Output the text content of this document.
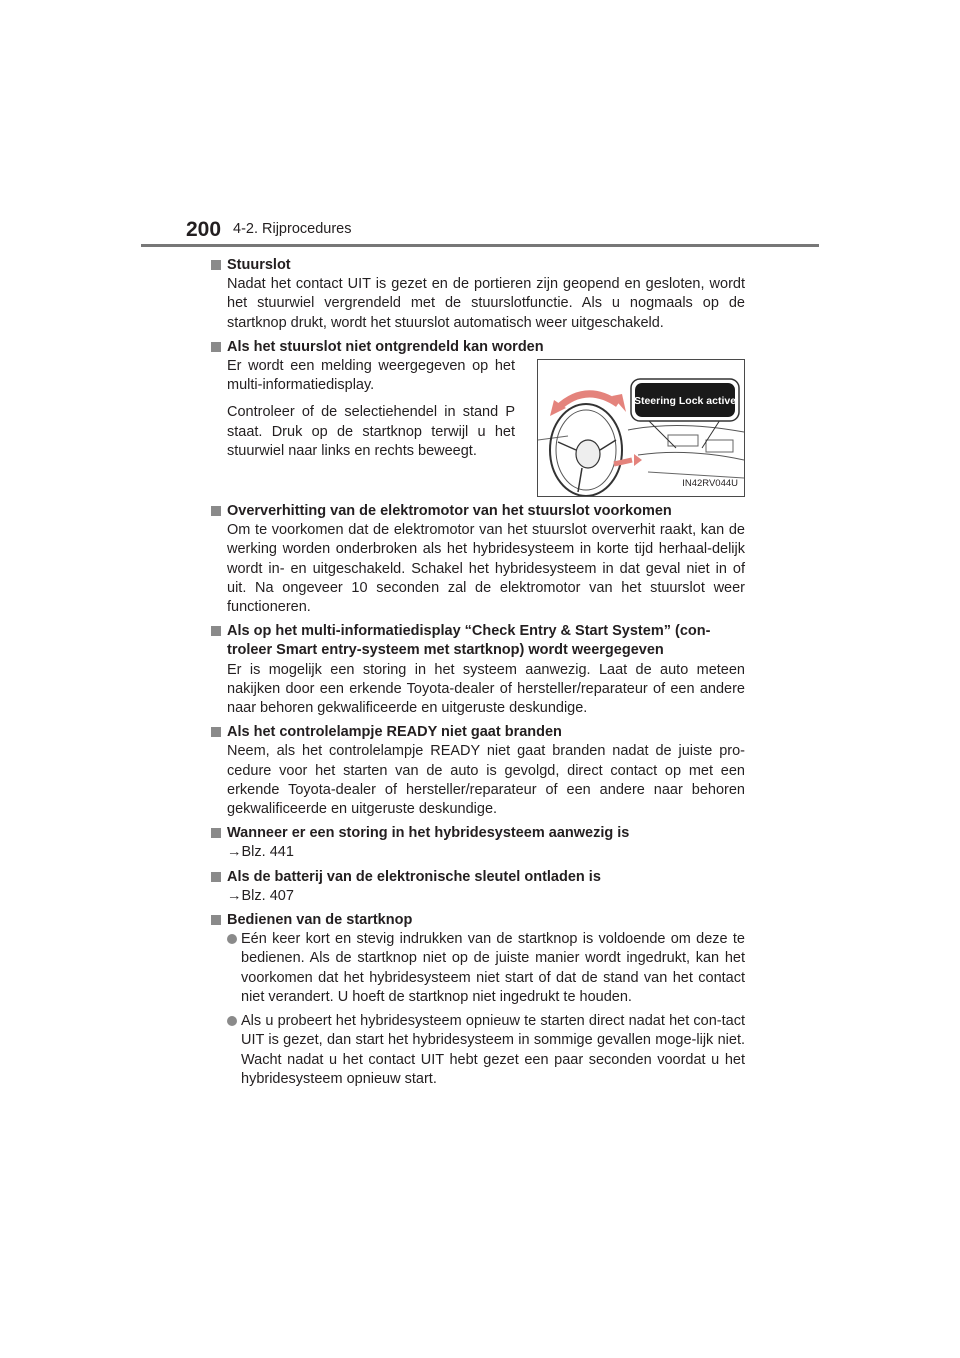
200 4-2. Rijprocedures
Stuurslot
Nadat het contact UIT is gezet en de portieren zijn geopend en gesloten, wordt het stuurwiel vergrendeld met de stuurslotfunctie. Als u nogmaals op de startknop drukt, wordt het stuurslot automatisch weer uitgeschakeld.
Als het stuurslot niet ontgrendeld kan worden

Er wordt een melding weergegeven op het multi-informatiedisplay.

Controleer of de selectiehendel in stand P staat. Druk op de startknop terwijl u het stuurwiel naar links en rechts beweegt.

Steering Lock active
IN42RV044U
Oververhitting van de elektromotor van het stuurslot voorkomen
Om te voorkomen dat de elektromotor van het stuurslot oververhit raakt, kan de werking worden onderbroken als het hybridesysteem in korte tijd herhaal-delijk wordt in- en uitgeschakeld. Schakel het hybridesysteem in dat geval niet in of uit. Na ongeveer 10 seconden zal de elektromotor van het stuurslot weer functioneren.
Als op het multi-informatiedisplay “Check Entry & Start System” (con-troleer Smart entry-systeem met startknop) wordt weergegeven
Er is mogelijk een storing in het systeem aanwezig. Laat de auto meteen nakijken door een erkende Toyota-dealer of hersteller/reparateur of een andere naar behoren gekwalificeerde en uitgeruste deskundige.
Als het controlelampje READY niet gaat branden
Neem, als het controlelampje READY niet gaat branden nadat de juiste pro-cedure voor het starten van de auto is gevolgd, direct contact op met een erkende Toyota-dealer of hersteller/reparateur of een andere naar behoren gekwalificeerde en uitgeruste deskundige.
Wanneer er een storing in het hybridesysteem aanwezig is
→Blz. 441
Als de batterij van de elektronische sleutel ontladen is
→Blz. 407
Bedienen van de startknop
Eén keer kort en stevig indrukken van de startknop is voldoende om deze te bedienen. Als de startknop niet op de juiste manier wordt ingedrukt, kan het voorkomen dat het hybridesysteem niet start of dat de stand van het contact niet verandert. U hoeft de startknop niet ingedrukt te houden.
Als u probeert het hybridesysteem opnieuw te starten direct nadat het con-tact UIT is gezet, dan start het hybridesysteem in sommige gevallen moge-lijk niet. Wacht nadat u het contact UIT hebt gezet een paar seconden voordat u het hybridesysteem opnieuw start.
